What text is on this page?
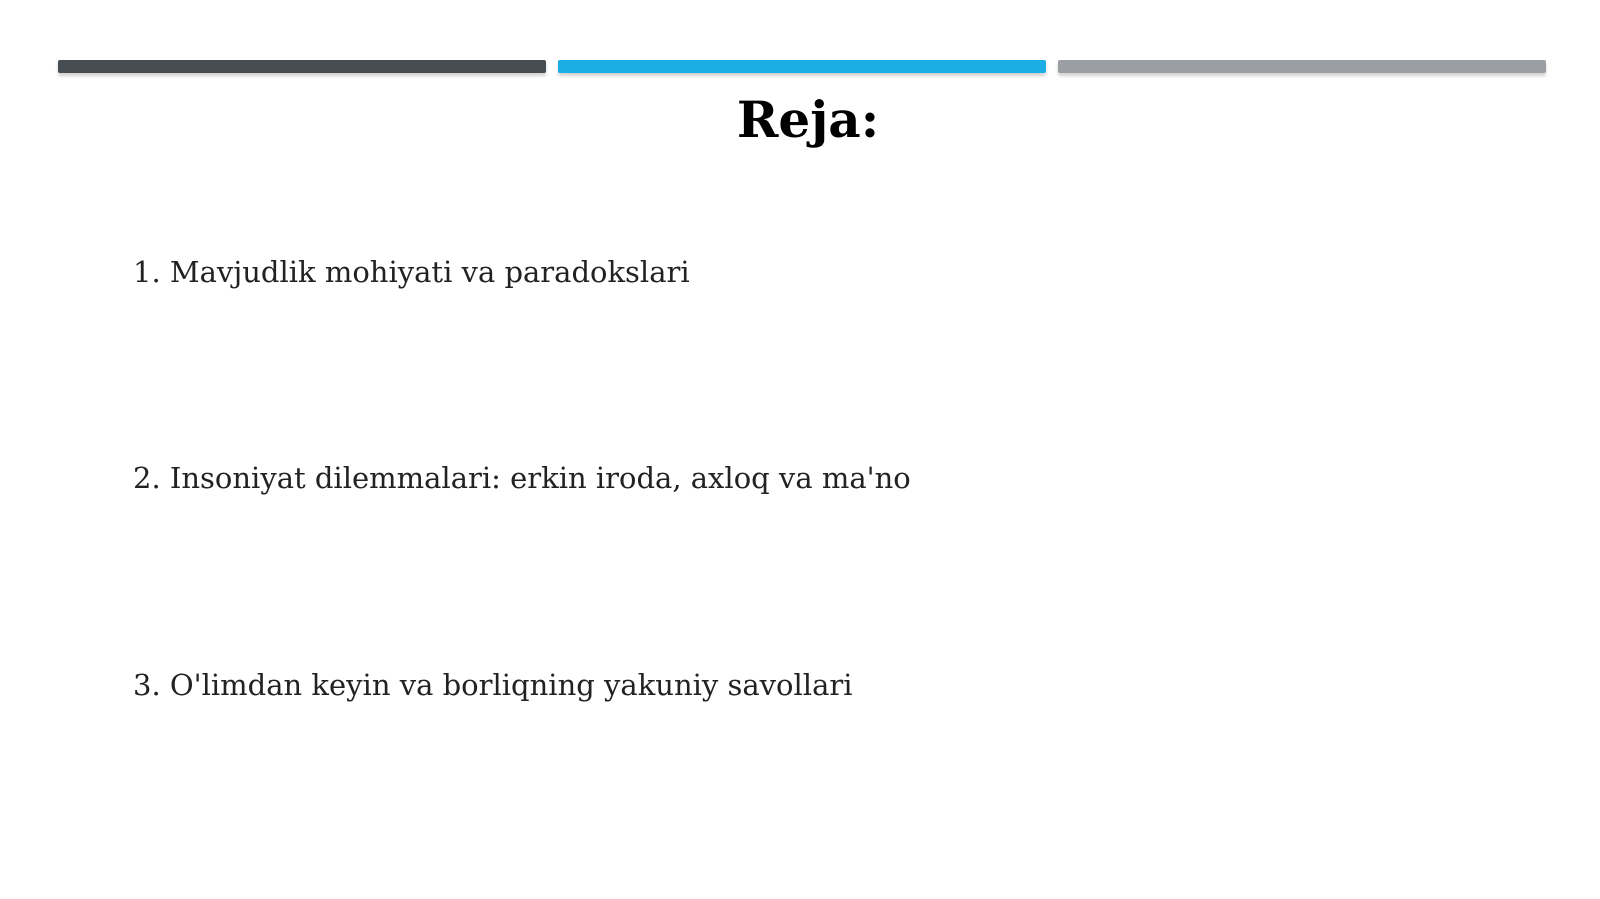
Reja:
1. Mavjudlik mohiyati va paradokslari
2. Insoniyat dilemmalari: erkin iroda, axloq va ma'no
3. O'limdan keyin va borliqning yakuniy savollari
